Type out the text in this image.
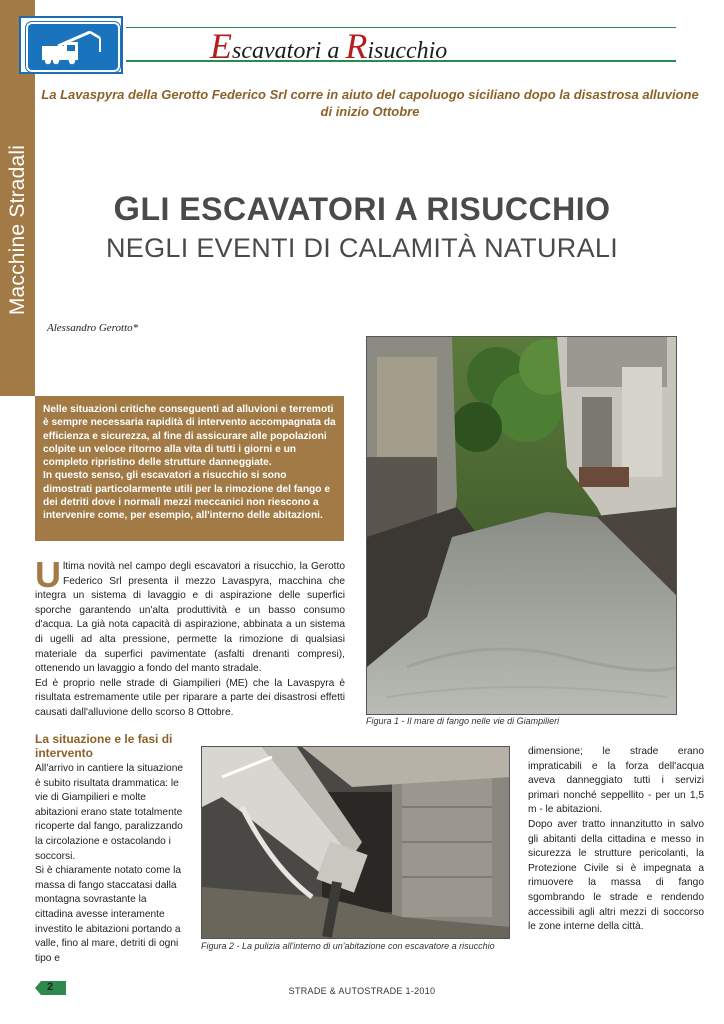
Macchine Stradali
Escavatori a Risucchio
La Lavaspyra della Gerotto Federico Srl corre in aiuto del capoluogo siciliano dopo la disastrosa alluvione di inizio Ottobre
GLI ESCAVATORI A RISUCCHIO
NEGLI EVENTI DI CALAMITÀ NATURALI
Alessandro Gerotto*

Nelle situazioni critiche conseguenti ad alluvioni e terremoti è sempre necessaria rapidità di intervento accompagnata da efficienza e sicurezza, al fine di assicurare alle popolazioni colpite un veloce ritorno alla vita di tutti i giorni e un completo ripristino delle strutture danneggiate.

In questo senso, gli escavatori a risucchio si sono dimostrati particolarmente utili per la rimozione del fango e dei detriti dove i normali mezzi meccanici non riescono a intervenire come, per esempio, all'interno delle abitazioni.

Ultima novità nel campo degli escavatori a risucchio, la Gerotto Federico Srl presenta il mezzo Lavaspyra, macchina che integra un sistema di lavaggio e di aspirazione delle superfici sporche garantendo un'alta produttività e un basso consumo d'acqua. La già nota capacità di aspirazione, abbinata a un sistema di ugelli ad alta pressione, permette la rimozione di qualsiasi materiale da superfici pavimentate (asfalti drenanti compresi), ottenendo un lavaggio a fondo del manto stradale.

Ed è proprio nelle strade di Giampilieri (ME) che la Lavaspyra è risultata estremamente utile per riparare a parte dei disastrosi effetti causati dall'alluvione dello scorso 8 Ottobre.

La situazione e le fasi di intervento

All'arrivo in cantiere la situazione è subito risultata drammatica: le vie di Giampilieri e molte abitazioni erano state totalmente ricoperte dal fango, paralizzando la circolazione e ostacolando i soccorsi.

Si è chiaramente notato come la massa di fango staccatasi dalla montagna sovrastante la cittadina avesse interamente investito le abitazioni portando a valle, fino al mare, detriti di ogni tipo e

dimensione; le strade erano impraticabili e la forza dell'acqua aveva danneggiato tutti i servizi primari nonché seppellito - per un 1,5 m - le abitazioni.

Dopo aver tratto innanzitutto in salvo gli abitanti della cittadina e messo in sicurezza le strutture pericolanti, la Protezione Civile si è impegnata a rimuovere la massa di fango sgombrando le strade e rendendo accessibili agli altri mezzi di soccorso le zone interne della città.

Figura 1 - Il mare di fango nelle vie di Giampilieri
Figura 2 - La pulizia all'interno di un'abitazione con escavatore a risucchio
2	STRADE & AUTOSTRADE 1-2010
